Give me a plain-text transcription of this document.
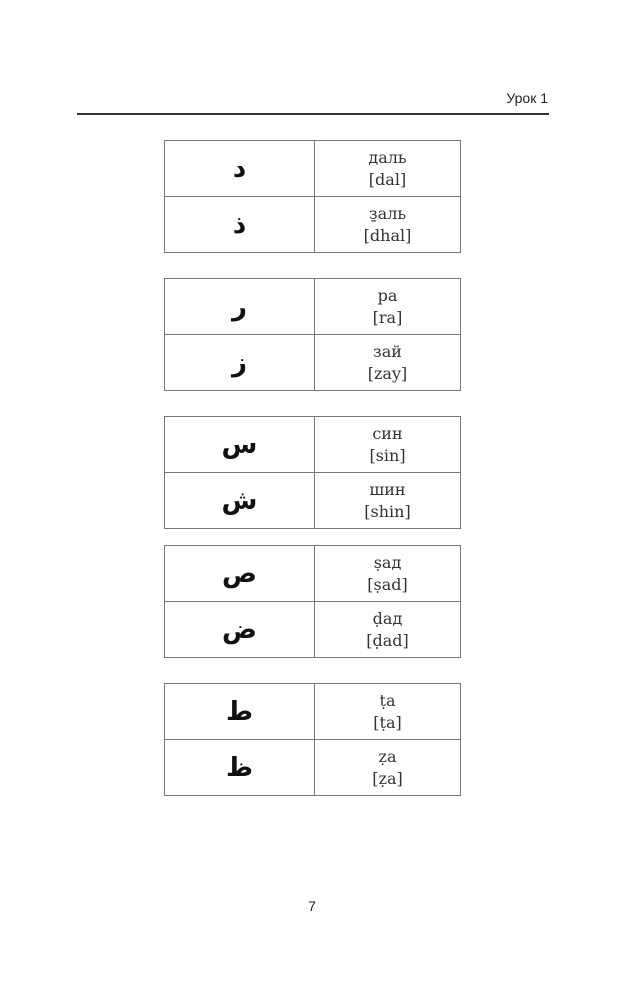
Урок 1
د	даль
[dal]

ذ	з̱аль
[dhal]
ر	ра
[ra]

ز	зай
[zay]
س	син
[sin]

ش	шин
[shin]
ص	ṣад
[ṣad]

ض	ḍад
[ḍad]
ط	ṭa
[ṭa]

ظ	ẓa
[ẓa]
7
